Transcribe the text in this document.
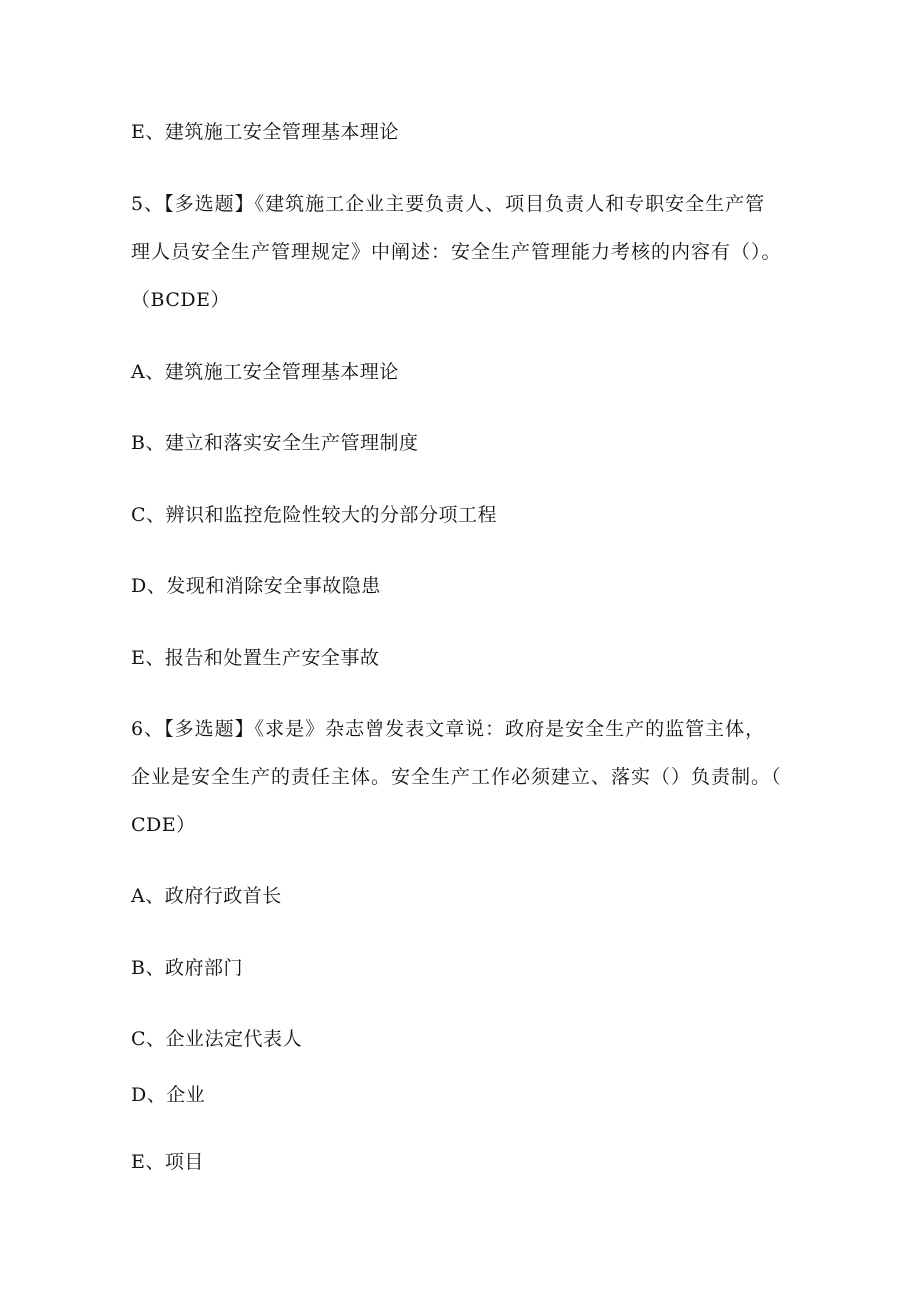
E、建筑施工安全管理基本理论
5、【多选题】《建筑施工企业主要负责人、项目负责人和专职安全生产管
理人员安全生产管理规定》中阐述：安全生产管理能力考核的内容有（）。
（BCDE）
A、建筑施工安全管理基本理论
B、建立和落实安全生产管理制度
C、辨识和监控危险性较大的分部分项工程
D、发现和消除安全事故隐患
E、报告和处置生产安全事故
6、【多选题】《求是》杂志曾发表文章说：政府是安全生产的监管主体，
企业是安全生产的责任主体。安全生产工作必须建立、落实（）负责制。（
CDE）
A、政府行政首长
B、政府部门
C、企业法定代表人
D、企业
E、项目
